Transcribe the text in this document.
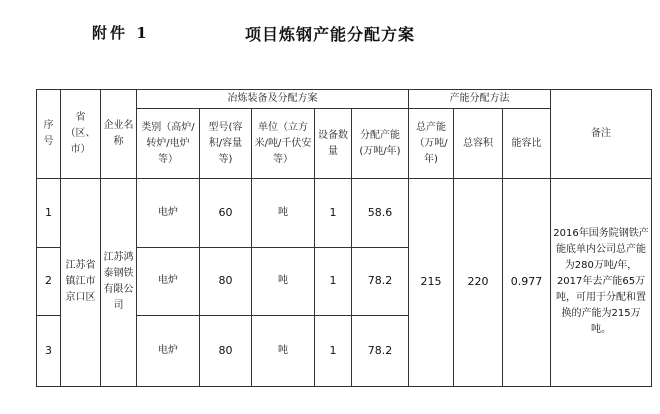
附件 1	项目炼钢产能分配方案
序号	省（区、市）	企业名称	冶炼装备及分配方案					产能分配方法			备注
			类别（高炉/转炉/电炉等）	型号(容积/容量等)	单位（立方米/吨/千伏安等）	设备数量	分配产能(万吨/年)	总产能（万吨/年)	总容积	能容比	
1	江苏省镇江市京口区	江苏鸿泰钢铁有限公司	电炉	60	吨	1	58.6	215	220	0.977	2016年国务院钢铁产能底单内公司总产能为280万吨/年，2017年去产能65万吨，可用于分配和置换的产能为215万吨。
2			电炉	80	吨	1	78.2				
3			电炉	80	吨	1	78.2				
